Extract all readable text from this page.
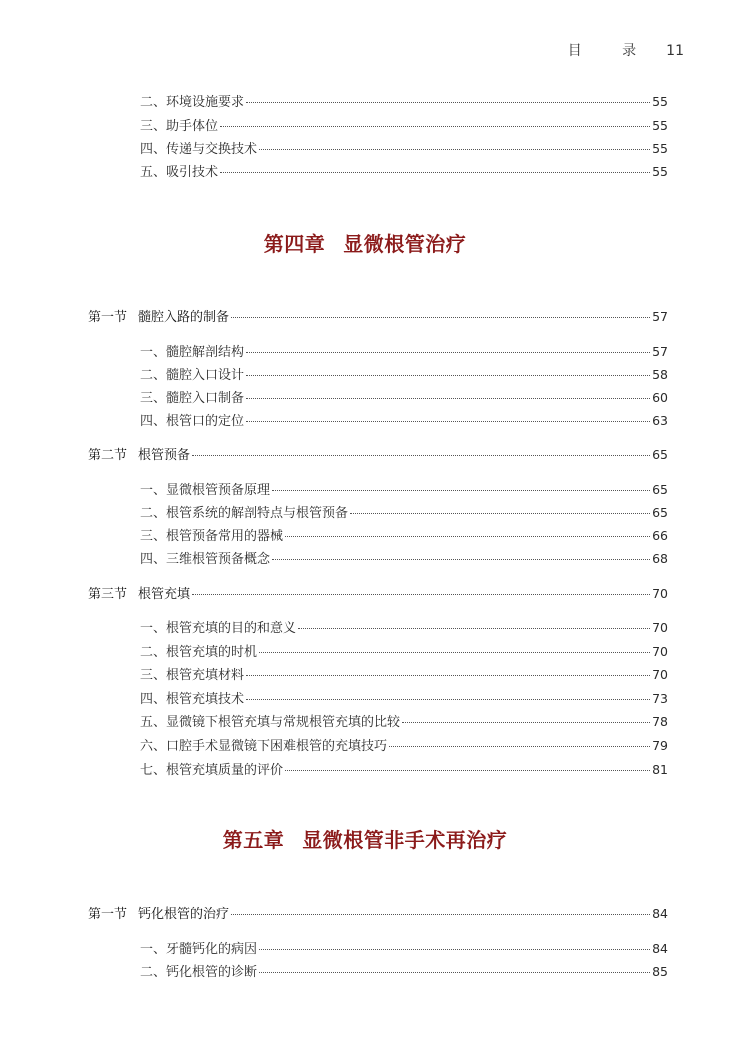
目 录 11
二、环境设施要求	55
三、助手体位	55
四、传递与交换技术	55
五、吸引技术	55
第四章 显微根管治疗
第一节 髓腔入路的制备	57
一、髓腔解剖结构	57
二、髓腔入口设计	58
三、髓腔入口制备	60
四、根管口的定位	63
第二节 根管预备	65
一、显微根管预备原理	65
二、根管系统的解剖特点与根管预备	65
三、根管预备常用的器械	66
四、三维根管预备概念	68
第三节 根管充填	70
一、根管充填的目的和意义	70
二、根管充填的时机	70
三、根管充填材料	70
四、根管充填技术	73
五、显微镜下根管充填与常规根管充填的比较	78
六、口腔手术显微镜下困难根管的充填技巧	79
七、根管充填质量的评价	81
第五章 显微根管非手术再治疗
第一节 钙化根管的治疗	84
一、牙髓钙化的病因	84
二、钙化根管的诊断	85
